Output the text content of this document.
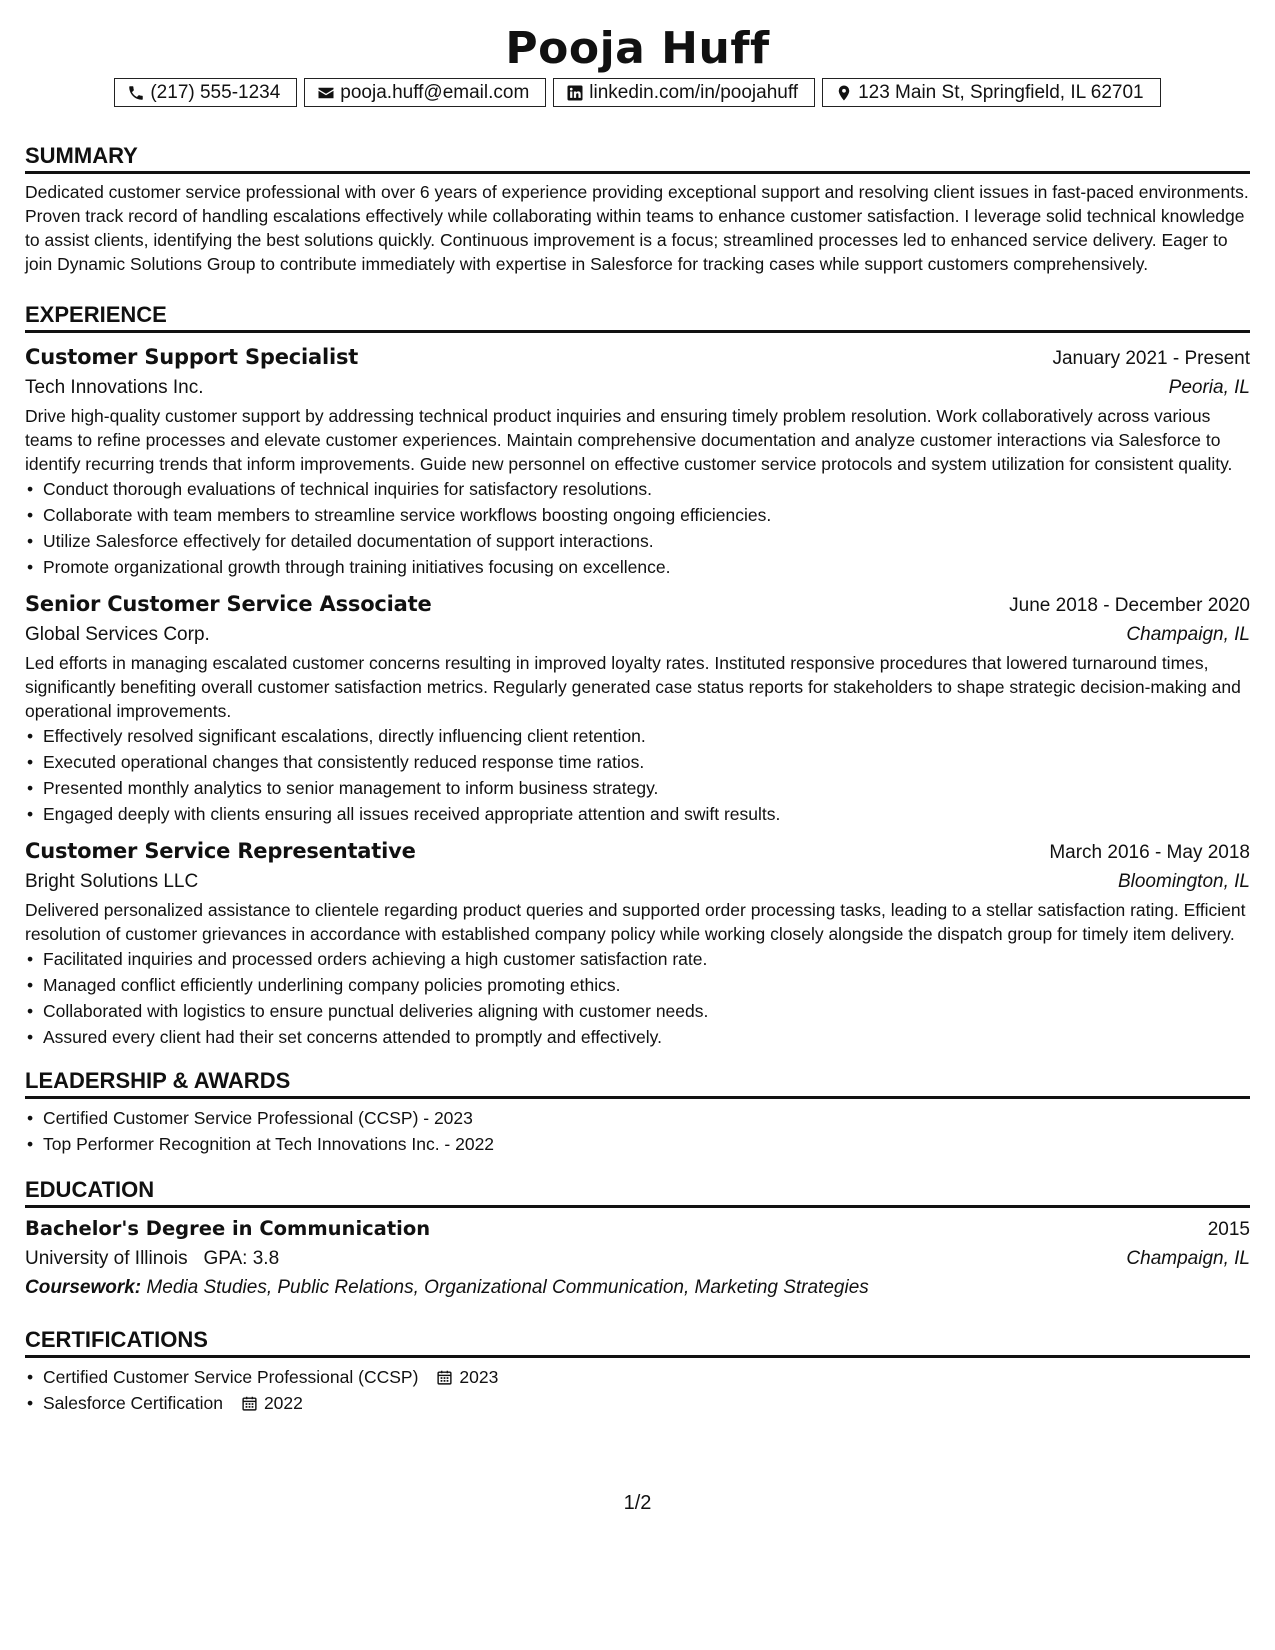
Pooja Huff
(217) 555-1234	pooja.huff@email.com	linkedin.com/in/poojahuff	123 Main St, Springfield, IL 62701
SUMMARY

Dedicated customer service professional with over 6 years of experience providing exceptional support and resolving client issues in fast-paced environments. Proven track record of handling escalations effectively while collaborating within teams to enhance customer satisfaction. I leverage solid technical knowledge to assist clients, identifying the best solutions quickly. Continuous improvement is a focus; streamlined processes led to enhanced service delivery. Eager to join Dynamic Solutions Group to contribute immediately with expertise in Salesforce for tracking cases while support customers comprehensively.

EXPERIENCE
Customer Support Specialist	January 2021 - Present
Tech Innovations Inc.	Peoria, IL

Drive high-quality customer support by addressing technical product inquiries and ensuring timely problem resolution. Work collaboratively across various teams to refine processes and elevate customer experiences. Maintain comprehensive documentation and analyze customer interactions via Salesforce to identify recurring trends that inform improvements. Guide new personnel on effective customer service protocols and system utilization for consistent quality.

• Conduct thorough evaluations of technical inquiries for satisfactory resolutions.
• Collaborate with team members to streamline service workflows boosting ongoing efficiencies.
• Utilize Salesforce effectively for detailed documentation of support interactions.
• Promote organizational growth through training initiatives focusing on excellence.
Senior Customer Service Associate	June 2018 - December 2020
Global Services Corp.	Champaign, IL

Led efforts in managing escalated customer concerns resulting in improved loyalty rates. Instituted responsive procedures that lowered turnaround times, significantly benefiting overall customer satisfaction metrics. Regularly generated case status reports for stakeholders to shape strategic decision-making and operational improvements.

• Effectively resolved significant escalations, directly influencing client retention.
• Executed operational changes that consistently reduced response time ratios.
• Presented monthly analytics to senior management to inform business strategy.
• Engaged deeply with clients ensuring all issues received appropriate attention and swift results.
Customer Service Representative	March 2016 - May 2018
Bright Solutions LLC	Bloomington, IL

Delivered personalized assistance to clientele regarding product queries and supported order processing tasks, leading to a stellar satisfaction rating. Efficient resolution of customer grievances in accordance with established company policy while working closely alongside the dispatch group for timely item delivery.

• Facilitated inquiries and processed orders achieving a high customer satisfaction rate.
• Managed conflict efficiently underlining company policies promoting ethics.
• Collaborated with logistics to ensure punctual deliveries aligning with customer needs.
• Assured every client had their set concerns attended to promptly and effectively.
LEADERSHIP & AWARDS
• Certified Customer Service Professional (CCSP) - 2023
• Top Performer Recognition at Tech Innovations Inc. - 2022
EDUCATION
Bachelor's Degree in Communication	2015
University of Illinois GPA: 3.8	Champaign, IL
Coursework: Media Studies, Public Relations, Organizational Communication, Marketing Strategies
CERTIFICATIONS
• Certified Customer Service Professional (CCSP) 2023
• Salesforce Certification 2022
1/2
